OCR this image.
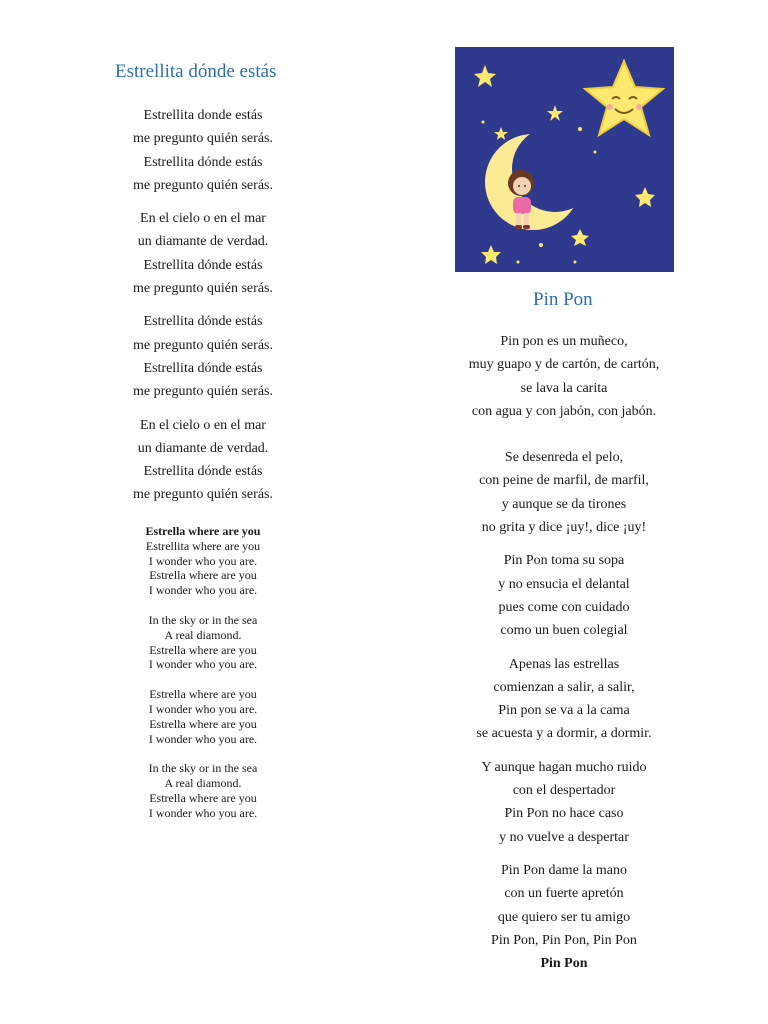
Estrellita dónde estás
Estrellita donde estás
me pregunto quién serás.
Estrellita dónde estás
me pregunto quién serás.
En el cielo o en el mar
un diamante de verdad.
Estrellita dónde estás
me pregunto quién serás.
Estrellita dónde estás
me pregunto quién serás.
Estrellita dónde estás
me pregunto quién serás.
En el cielo o en el mar
un diamante de verdad.
Estrellita dónde estás
me pregunto quién serás.
Estrella where are you
Estrellita where are you
I wonder who you are.
Estrella where are you
I wonder who you are.
In the sky or in the sea
A real diamond.
Estrella where are you
I wonder who you are.
Estrella where are you
I wonder who you are.
Estrella where are you
I wonder who you are.
In the sky or in the sea
A real diamond.
Estrella where are you
I wonder who you are.
Pin Pon
Pin pon es un muñeco,
muy guapo y de cartón, de cartón,
se lava la carita
con agua y con jabón, con jabón.
Se desenreda el pelo,
con peine de marfil, de marfil,
y aunque se da tirones
no grita y dice ¡uy!, dice ¡uy!
Pin Pon toma su sopa
y no ensucia el delantal
pues come con cuidado
como un buen colegial
Apenas las estrellas
comienzan a salir, a salir,
Pin pon se va a la cama
se acuesta y a dormir, a dormir.
Y aunque hagan mucho ruido
con el despertador
Pin Pon no hace caso
y no vuelve a despertar
Pin Pon dame la mano
con un fuerte apretón
que quiero ser tu amigo
Pin Pon, Pin Pon, Pin Pon
Pin Pon
